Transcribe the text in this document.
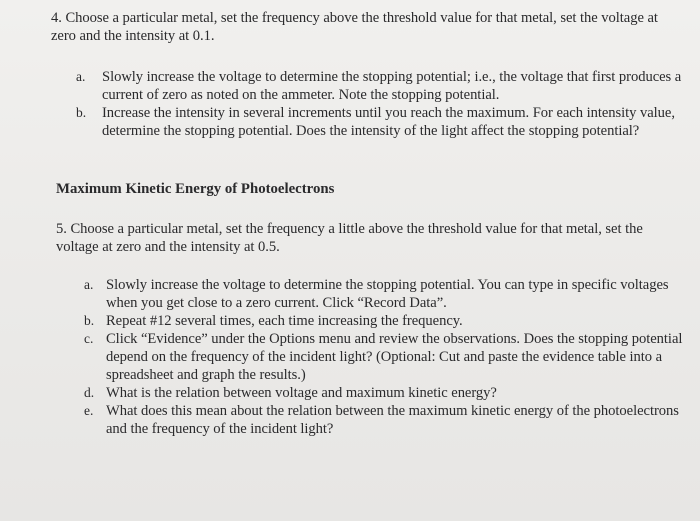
4. Choose a particular metal, set the frequency above the threshold value for that metal, set the voltage at zero and the intensity at 0.1.
a. Slowly increase the voltage to determine the stopping potential; i.e., the voltage that first produces a current of zero as noted on the ammeter. Note the stopping potential.
b. Increase the intensity in several increments until you reach the maximum. For each intensity value, determine the stopping potential. Does the intensity of the light affect the stopping potential?
Maximum Kinetic Energy of Photoelectrons
5. Choose a particular metal, set the frequency a little above the threshold value for that metal, set the voltage at zero and the intensity at 0.5.
a. Slowly increase the voltage to determine the stopping potential. You can type in specific voltages when you get close to a zero current. Click “Record Data”.
b. Repeat #12 several times, each time increasing the frequency.
c. Click “Evidence” under the Options menu and review the observations. Does the stopping potential depend on the frequency of the incident light? (Optional: Cut and paste the evidence table into a spreadsheet and graph the results.)
d. What is the relation between voltage and maximum kinetic energy?
e. What does this mean about the relation between the maximum kinetic energy of the photoelectrons and the frequency of the incident light?
